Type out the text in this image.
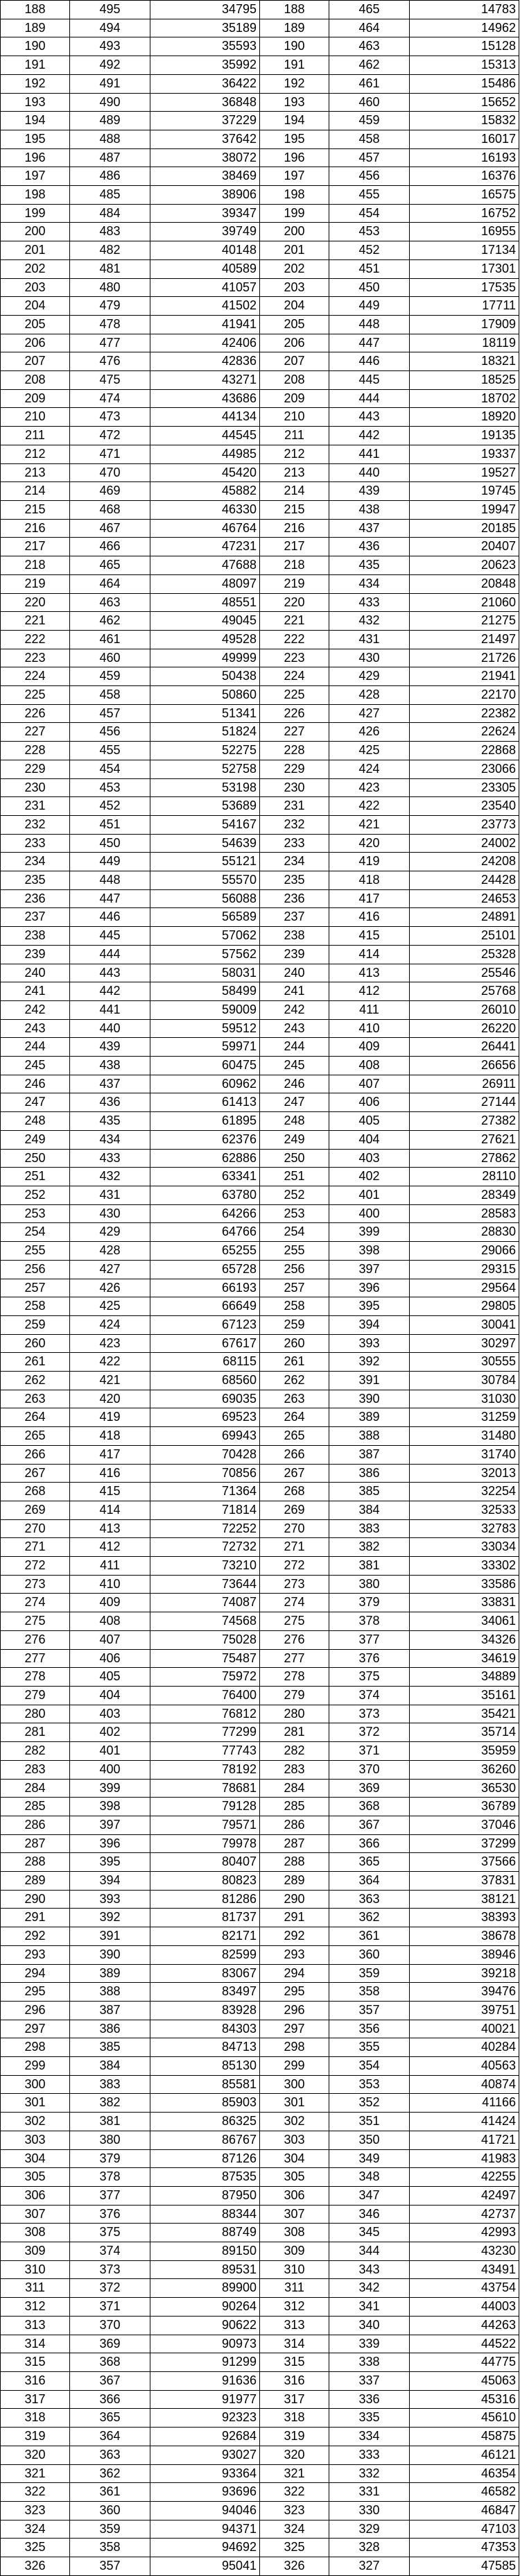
188	495	34795	188	465	14783
189	494	35189	189	464	14962
190	493	35593	190	463	15128
191	492	35992	191	462	15313
192	491	36422	192	461	15486
193	490	36848	193	460	15652
194	489	37229	194	459	15832
195	488	37642	195	458	16017
196	487	38072	196	457	16193
197	486	38469	197	456	16376
198	485	38906	198	455	16575
199	484	39347	199	454	16752
200	483	39749	200	453	16955
201	482	40148	201	452	17134
202	481	40589	202	451	17301
203	480	41057	203	450	17535
204	479	41502	204	449	17711
205	478	41941	205	448	17909
206	477	42406	206	447	18119
207	476	42836	207	446	18321
208	475	43271	208	445	18525
209	474	43686	209	444	18702
210	473	44134	210	443	18920
211	472	44545	211	442	19135
212	471	44985	212	441	19337
213	470	45420	213	440	19527
214	469	45882	214	439	19745
215	468	46330	215	438	19947
216	467	46764	216	437	20185
217	466	47231	217	436	20407
218	465	47688	218	435	20623
219	464	48097	219	434	20848
220	463	48551	220	433	21060
221	462	49045	221	432	21275
222	461	49528	222	431	21497
223	460	49999	223	430	21726
224	459	50438	224	429	21941
225	458	50860	225	428	22170
226	457	51341	226	427	22382
227	456	51824	227	426	22624
228	455	52275	228	425	22868
229	454	52758	229	424	23066
230	453	53198	230	423	23305
231	452	53689	231	422	23540
232	451	54167	232	421	23773
233	450	54639	233	420	24002
234	449	55121	234	419	24208
235	448	55570	235	418	24428
236	447	56088	236	417	24653
237	446	56589	237	416	24891
238	445	57062	238	415	25101
239	444	57562	239	414	25328
240	443	58031	240	413	25546
241	442	58499	241	412	25768
242	441	59009	242	411	26010
243	440	59512	243	410	26220
244	439	59971	244	409	26441
245	438	60475	245	408	26656
246	437	60962	246	407	26911
247	436	61413	247	406	27144
248	435	61895	248	405	27382
249	434	62376	249	404	27621
250	433	62886	250	403	27862
251	432	63341	251	402	28110
252	431	63780	252	401	28349
253	430	64266	253	400	28583
254	429	64766	254	399	28830
255	428	65255	255	398	29066
256	427	65728	256	397	29315
257	426	66193	257	396	29564
258	425	66649	258	395	29805
259	424	67123	259	394	30041
260	423	67617	260	393	30297
261	422	68115	261	392	30555
262	421	68560	262	391	30784
263	420	69035	263	390	31030
264	419	69523	264	389	31259
265	418	69943	265	388	31480
266	417	70428	266	387	31740
267	416	70856	267	386	32013
268	415	71364	268	385	32254
269	414	71814	269	384	32533
270	413	72252	270	383	32783
271	412	72732	271	382	33034
272	411	73210	272	381	33302
273	410	73644	273	380	33586
274	409	74087	274	379	33831
275	408	74568	275	378	34061
276	407	75028	276	377	34326
277	406	75487	277	376	34619
278	405	75972	278	375	34889
279	404	76400	279	374	35161
280	403	76812	280	373	35421
281	402	77299	281	372	35714
282	401	77743	282	371	35959
283	400	78192	283	370	36260
284	399	78681	284	369	36530
285	398	79128	285	368	36789
286	397	79571	286	367	37046
287	396	79978	287	366	37299
288	395	80407	288	365	37566
289	394	80823	289	364	37831
290	393	81286	290	363	38121
291	392	81737	291	362	38393
292	391	82171	292	361	38678
293	390	82599	293	360	38946
294	389	83067	294	359	39218
295	388	83497	295	358	39476
296	387	83928	296	357	39751
297	386	84303	297	356	40021
298	385	84713	298	355	40284
299	384	85130	299	354	40563
300	383	85581	300	353	40874
301	382	85903	301	352	41166
302	381	86325	302	351	41424
303	380	86767	303	350	41721
304	379	87126	304	349	41983
305	378	87535	305	348	42255
306	377	87950	306	347	42497
307	376	88344	307	346	42737
308	375	88749	308	345	42993
309	374	89150	309	344	43230
310	373	89531	310	343	43491
311	372	89900	311	342	43754
312	371	90264	312	341	44003
313	370	90622	313	340	44263
314	369	90973	314	339	44522
315	368	91299	315	338	44775
316	367	91636	316	337	45063
317	366	91977	317	336	45316
318	365	92323	318	335	45610
319	364	92684	319	334	45875
320	363	93027	320	333	46121
321	362	93364	321	332	46354
322	361	93696	322	331	46582
323	360	94046	323	330	46847
324	359	94371	324	329	47103
325	358	94692	325	328	47353
326	357	95041	326	327	47585
